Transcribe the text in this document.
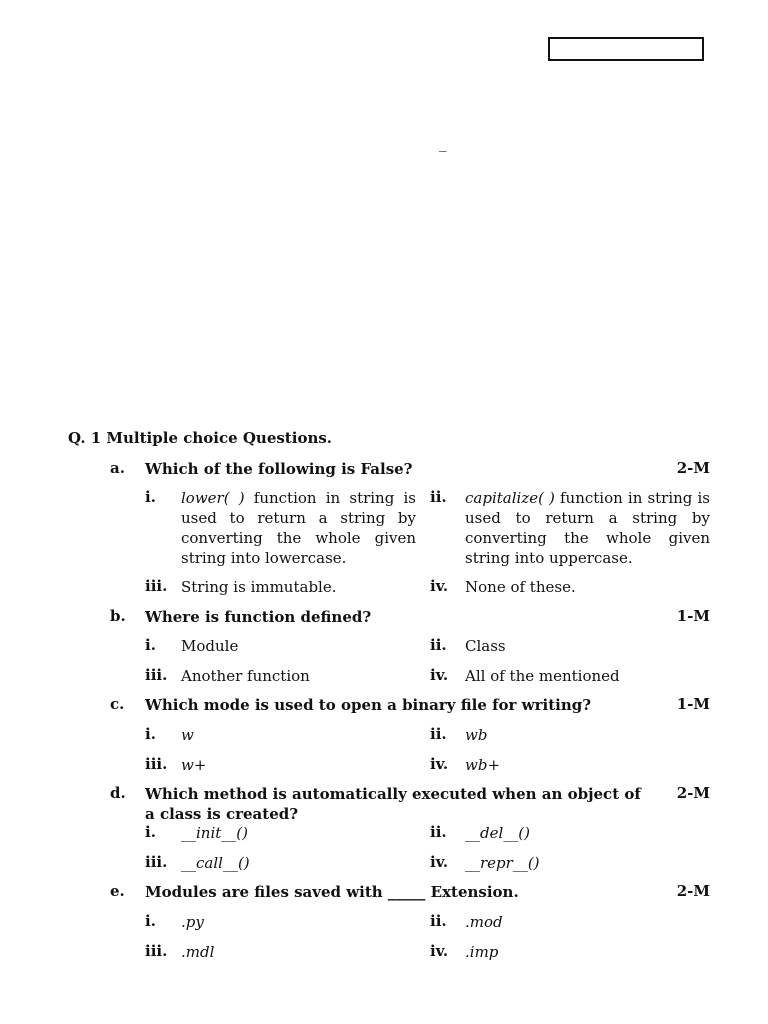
_
Q. 1 Multiple choice Questions.
a. Which of the following is False?	2-M
i. lower( ) function in string is used to return a string by converting the whole given string into lowercase.
ii. capitalize( ) function in string is used to return a string by converting the whole given string into uppercase.
iii. String is immutable.	iv. None of these.
b. Where is function defined?	1-M
i. Module	ii. Class
iii. Another function	iv. All of the mentioned
c. Which mode is used to open a binary file for writing?	1-M
i. w	ii. wb
iii. w+	iv. wb+
d. Which method is automatically executed when an object of a class is created?
2-M
i. __init__()	ii. __del__()
iii. __call__()	iv. __repr__()
e. Modules are files saved with _____ Extension.	2-M
i. .py	ii. .mod
iii. .mdl	iv. .imp
